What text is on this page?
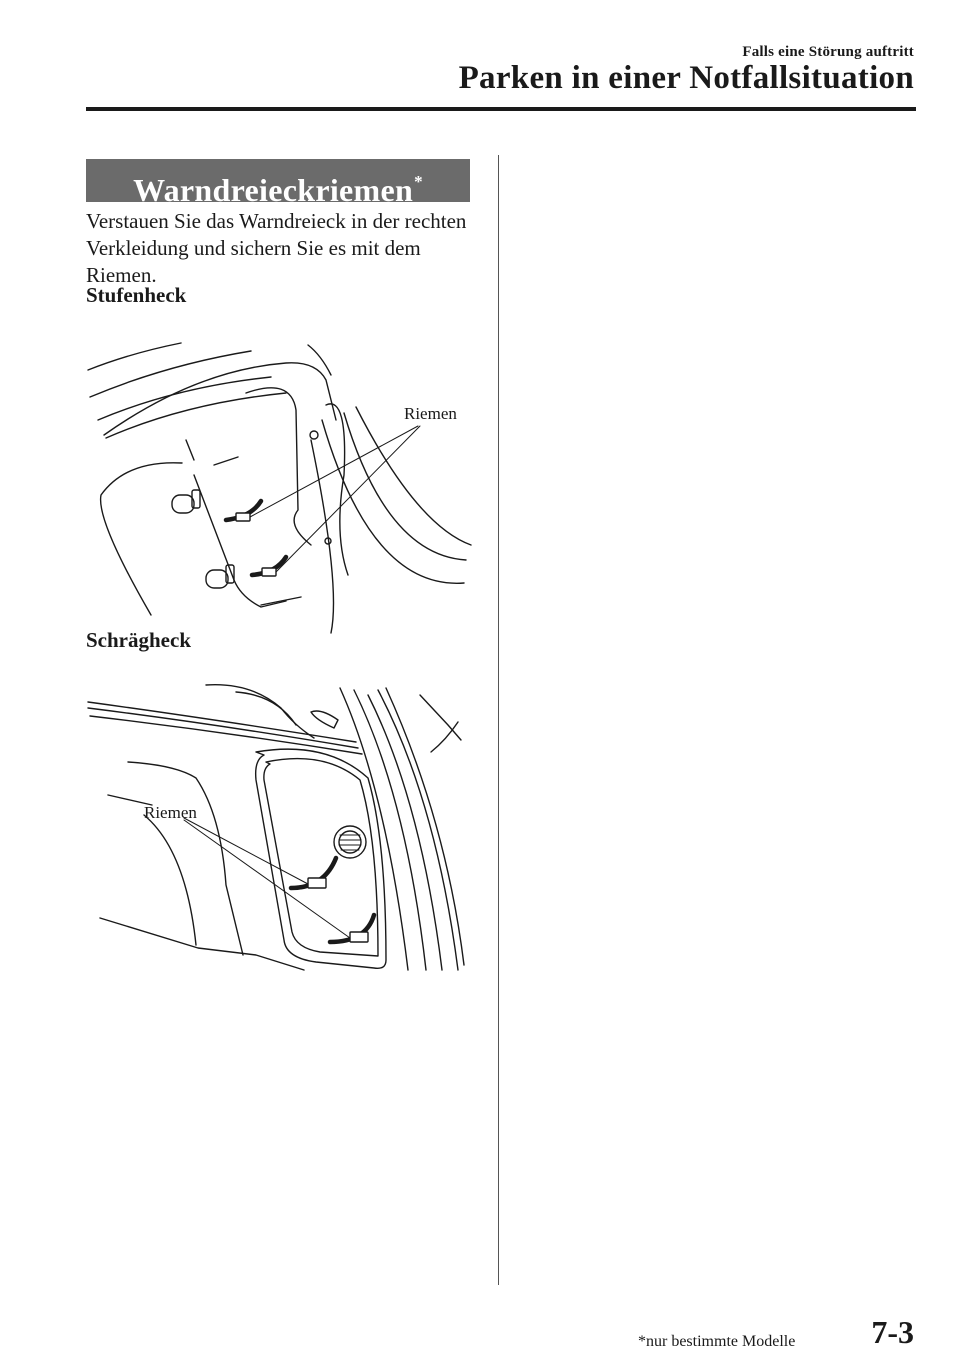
Falls eine Störung auftritt
Parken in einer Notfallsituation
Warndreieckriemen*
Verstauen Sie das Warndreieck in der rechten Verkleidung und sichern Sie es mit dem Riemen.
Stufenheck
Riemen
Schrägheck
Riemen
*nur bestimmte Modelle 7-3
